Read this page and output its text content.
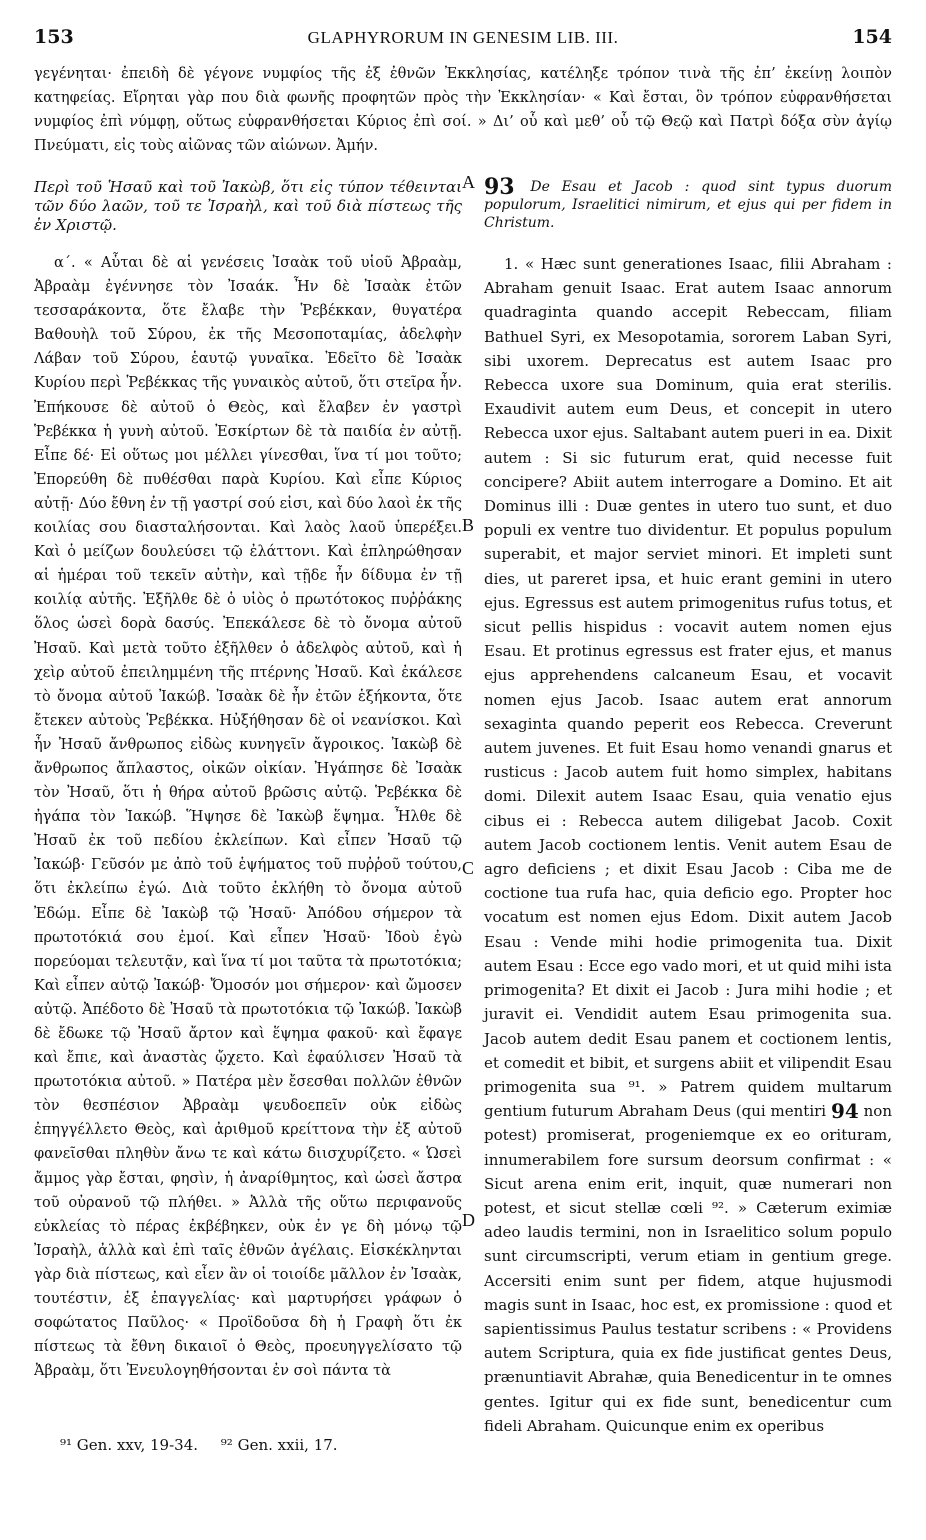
153	GLAPHYRORUM IN GENESIM LIB. III.	154
γεγένηται· ἐπειδὴ δὲ γέγονε νυμφίος τῆς ἐξ ἐθνῶν Ἐκκλησίας, κατέληξε τρόπον τινὰ τῆς ἐπ’ ἐκείνῃ λοιπὸν κατηφείας. Εἴρηται γὰρ που διὰ φωνῆς προφητῶν πρὸς τὴν Ἐκκλησίαν· « Καὶ ἔσται, ὃν τρόπον εὐφρανθήσεται νυμφίος ἐπὶ νύμφῃ, οὕτως εὐφρανθήσεται Κύριος ἐπὶ σοί. » Δι’ οὗ καὶ μεθ’ οὗ τῷ Θεῷ καὶ Πατρὶ δόξα σὺν ἁγίῳ Πνεύματι, εἰς τοὺς αἰῶνας τῶν αἰώνων. Ἀμήν.
Περὶ τοῦ Ἡσαῦ καὶ τοῦ Ἰακὼβ, ὅτι εἰς τύπον τέθεινται τῶν δύο λαῶν, τοῦ τε Ἰσραὴλ, καὶ τοῦ διὰ πίστεως τῆς ἐν Χριστῷ.
α΄. « Αὗται δὲ αἱ γενέσεις Ἰσαὰκ τοῦ υἱοῦ Ἀβραὰμ, Ἀβραὰμ ἐγέννησε τὸν Ἰσαάκ. Ἦν δὲ Ἰσαὰκ ἐτῶν τεσσαράκοντα, ὅτε ἔλαβε τὴν Ῥεβέκκαν, θυγατέρα Βαθουὴλ τοῦ Σύρου, ἐκ τῆς Μεσοποταμίας, ἀδελφὴν Λάβαν τοῦ Σύρου, ἑαυτῷ γυναῖκα. Ἐδεῖτο δὲ Ἰσαὰκ Κυρίου περὶ Ῥεβέκκας τῆς γυναικὸς αὐτοῦ, ὅτι στεῖρα ἦν. Ἐπήκουσε δὲ αὐτοῦ ὁ Θεὸς, καὶ ἔλαβεν ἐν γαστρὶ Ῥεβέκκα ἡ γυνὴ αὐτοῦ. Ἐσκίρτων δὲ τὰ παιδία ἐν αὐτῇ. Εἶπε δέ· Εἰ οὕτως μοι μέλλει γίνεσθαι, ἵνα τί μοι τοῦτο; Ἐπορεύθη δὲ πυθέσθαι παρὰ Κυρίου. Καὶ εἶπε Κύριος αὐτῇ· Δύο ἔθνη ἐν τῇ γαστρί σού εἰσι, καὶ δύο λαοὶ ἐκ τῆς κοιλίας σου διασταλήσονται. Καὶ λαὸς λαοῦ ὑπερέξει. Καὶ ὁ μείζων δουλεύσει τῷ ἐλάττονι. Καὶ ἐπληρώθησαν αἱ ἡμέραι τοῦ τεκεῖν αὐτὴν, καὶ τῇδε ἦν δίδυμα ἐν τῇ κοιλίᾳ αὐτῆς. Ἐξῆλθε δὲ ὁ υἱὸς ὁ πρωτότοκος πυῤῥάκης ὅλος ὡσεὶ δορὰ δασύς. Ἐπεκάλεσε δὲ τὸ ὄνομα αὐτοῦ Ἠσαῦ. Καὶ μετὰ τοῦτο ἐξῆλθεν ὁ ἀδελφὸς αὐτοῦ, καὶ ἡ χεὶρ αὐτοῦ ἐπειλημμένη τῆς πτέρνης Ἠσαῦ. Καὶ ἐκάλεσε τὸ ὄνομα αὐτοῦ Ἰακώβ. Ἰσαὰκ δὲ ἦν ἐτῶν ἑξήκοντα, ὅτε ἔτεκεν αὐτοὺς Ῥεβέκκα. Ηὐξήθησαν δὲ οἱ νεανίσκοι. Καὶ ἦν Ἠσαῦ ἄνθρωπος εἰδὼς κυνηγεῖν ἄγροικος. Ἰακὼβ δὲ ἄνθρωπος ἄπλαστος, οἰκῶν οἰκίαν. Ἠγάπησε δὲ Ἰσαὰκ τὸν Ἠσαῦ, ὅτι ἡ θήρα αὐτοῦ βρῶσις αὐτῷ. Ῥεβέκκα δὲ ἠγάπα τὸν Ἰακώβ. Ἥψησε δὲ Ἰακὼβ ἕψημα. Ἦλθε δὲ Ἠσαῦ ἐκ τοῦ πεδίου ἐκλείπων. Καὶ εἶπεν Ἠσαῦ τῷ Ἰακώβ· Γεῦσόν με ἀπὸ τοῦ ἑψήματος τοῦ πυῤῥοῦ τούτου, ὅτι ἐκλείπω ἐγώ. Διὰ τοῦτο ἐκλήθη τὸ ὄνομα αὐτοῦ Ἐδώμ. Εἶπε δὲ Ἰακὼβ τῷ Ἠσαῦ· Ἀπόδου σήμερον τὰ πρωτοτόκιά σου ἐμοί. Καὶ εἶπεν Ἠσαῦ· Ἰδοὺ ἐγὼ πορεύομαι τελευτᾷν, καὶ ἵνα τί μοι ταῦτα τὰ πρωτοτόκια; Καὶ εἶπεν αὐτῷ Ἰακώβ· Ὄμοσόν μοι σήμερον· καὶ ὤμοσεν αὐτῷ. Ἀπέδοτο δὲ Ἠσαῦ τὰ πρωτοτόκια τῷ Ἰακώβ. Ἰακὼβ δὲ ἔδωκε τῷ Ἠσαῦ ἄρτον καὶ ἕψημα φακοῦ· καὶ ἔφαγε καὶ ἔπιε, καὶ ἀναστὰς ᾤχετο. Καὶ ἐφαύλισεν Ἠσαῦ τὰ πρωτοτόκια αὐτοῦ. » Πατέρα μὲν ἔσεσθαι πολλῶν ἐθνῶν τὸν θεσπέσιον Ἀβραὰμ ψευδοεπεῖν οὐκ εἰδὼς ἐπηγγέλλετο Θεὸς, καὶ ἀριθμοῦ κρείττονα τὴν ἐξ αὐτοῦ φανεῖσθαι πληθὺν ἄνω τε καὶ κάτω διισχυρίζετο. « Ὡσεὶ ἄμμος γὰρ ἔσται, φησὶν, ἡ ἀναρίθμητος, καὶ ὡσεὶ ἄστρα τοῦ οὐρανοῦ τῷ πλήθει. » Ἀλλὰ τῆς οὕτω περιφανοῦς εὐκλείας τὸ πέρας ἐκβέβηκεν, οὐκ ἐν γε δὴ μόνῳ τῷ Ἰσραὴλ, ἀλλὰ καὶ ἐπὶ ταῖς ἐθνῶν ἀγέλαις. Εἰσκέκληνται γὰρ διὰ πίστεως, καὶ εἶεν ἂν οἱ τοιοίδε μᾶλλον ἐν Ἰσαὰκ, τουτέστιν, ἐξ ἐπαγγελίας· καὶ μαρτυρήσει γράφων ὁ σοφώτατος Παῦλος· « Προϊδοῦσα δὴ ἡ Γραφὴ ὅτι ἐκ πίστεως τὰ ἔθνη δικαιοῖ ὁ Θεὸς, προευηγγελίσατο τῷ Ἀβραὰμ, ὅτι Ἐνευλογηθήσονται ἐν σοὶ πάντα τὰ
93 De Esau et Jacob : quod sint typus duorum populorum, Israelitici nimirum, et ejus qui per fidem in Christum.
1. « Hæc sunt generationes Isaac, filii Abraham : Abraham genuit Isaac. Erat autem Isaac annorum quadraginta quando accepit Rebeccam, filiam Bathuel Syri, ex Mesopotamia, sororem Laban Syri, sibi uxorem. Deprecatus est autem Isaac pro Rebecca uxore sua Dominum, quia erat sterilis. Exaudivit autem eum Deus, et concepit in utero Rebecca uxor ejus. Saltabant autem pueri in ea. Dixit autem : Si sic futurum erat, quid necesse fuit concipere? Abiit autem interrogare a Domino. Et ait Dominus illi : Duæ gentes in utero tuo sunt, et duo populi ex ventre tuo dividentur. Et populus populum superabit, et major serviet minori. Et impleti sunt dies, ut pareret ipsa, et huic erant gemini in utero ejus. Egressus est autem primogenitus rufus totus, et sicut pellis hispidus : vocavit autem nomen ejus Esau. Et protinus egressus est frater ejus, et manus ejus apprehendens calcaneum Esau, et vocavit nomen ejus Jacob. Isaac autem erat annorum sexaginta quando peperit eos Rebecca. Creverunt autem juvenes. Et fuit Esau homo venandi gnarus et rusticus : Jacob autem fuit homo simplex, habitans domi. Dilexit autem Isaac Esau, quia venatio ejus cibus ei : Rebecca autem diligebat Jacob. Coxit autem Jacob coctionem lentis. Venit autem Esau de agro deficiens ; et dixit Esau Jacob : Ciba me de coctione tua rufa hac, quia deficio ego. Propter hoc vocatum est nomen ejus Edom. Dixit autem Jacob Esau : Vende mihi hodie primogenita tua. Dixit autem Esau : Ecce ego vado mori, et ut quid mihi ista primogenita? Et dixit ei Jacob : Jura mihi hodie ; et juravit ei. Vendidit autem Esau primogenita sua. Jacob autem dedit Esau panem et coctionem lentis, et comedit et bibit, et surgens abiit et vilipendit Esau primogenita sua ⁹¹. » Patrem quidem multarum gentium futurum Abraham Deus (qui mentiri 94 non potest) promiserat, progeniemque ex eo orituram, innumerabilem fore sursum deorsum confirmat : « Sicut arena enim erit, inquit, quæ numerari non potest, et sicut stellæ cœli ⁹². » Cæterum eximiæ adeo laudis termini, non in Israelitico solum populo sunt circumscripti, verum etiam in gentium grege. Accersiti enim sunt per fidem, atque hujusmodi magis sunt in Isaac, hoc est, ex promissione : quod et sapientissimus Paulus testatur scribens : « Providens autem Scriptura, quia ex fide justificat gentes Deus, prænuntiavit Abrahæ, quia Benedicentur in te omnes gentes. Igitur qui ex fide sunt, benedicentur cum fideli Abraham. Quicunque enim ex operibus
A
B
C
D
⁹¹ Gen. xxv, 19-34. ⁹² Gen. xxii, 17.
